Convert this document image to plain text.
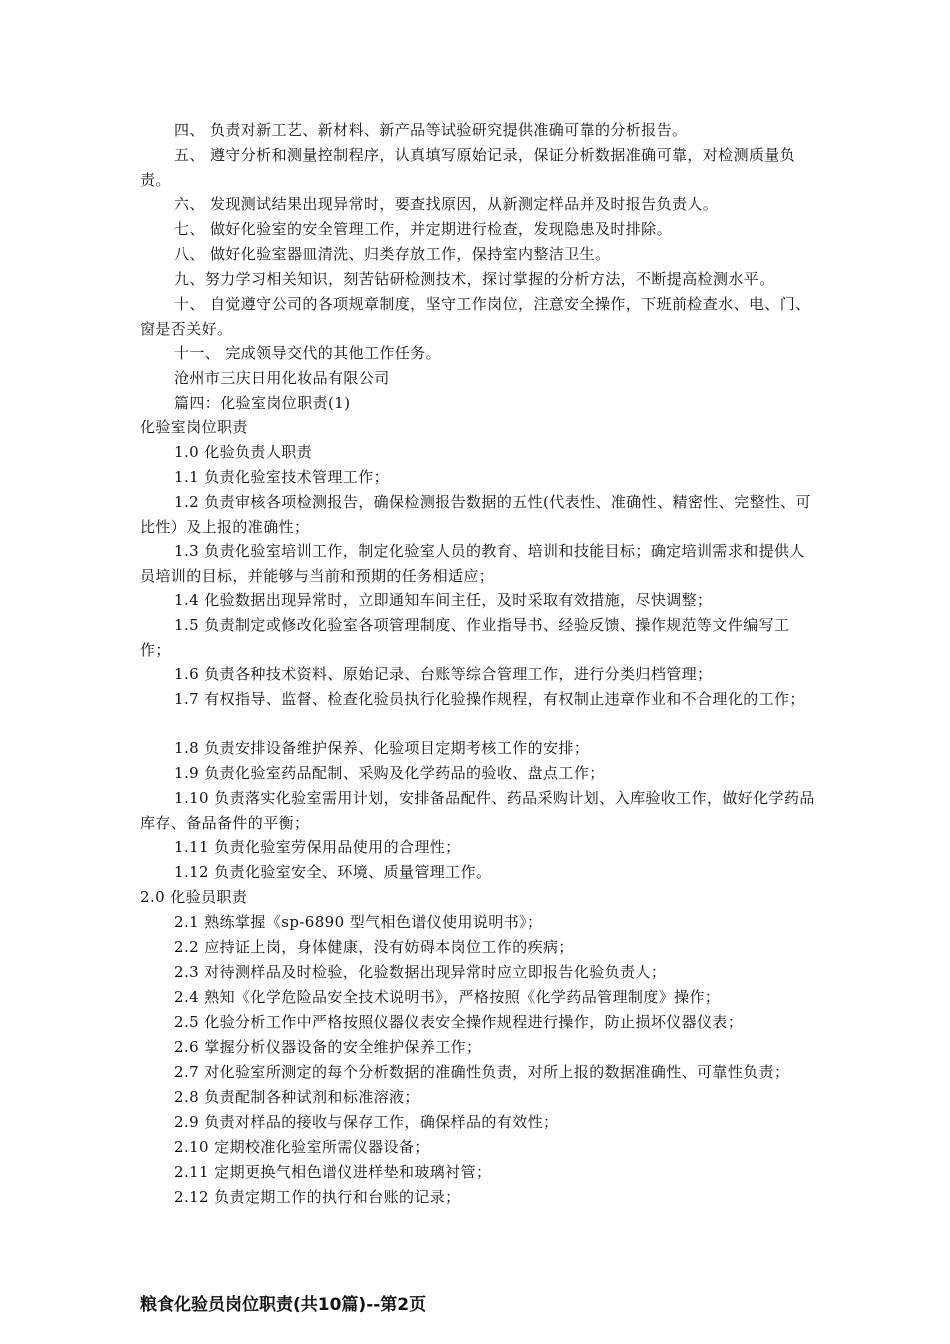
四、 负责对新工艺、新材料、新产品等试验研究提供准确可靠的分析报告。
五、 遵守分析和测量控制程序，认真填写原始记录，保证分析数据准确可靠，对检测质量负责。
六、 发现测试结果出现异常时，要查找原因，从新测定样品并及时报告负责人。
七、 做好化验室的安全管理工作，并定期进行检查，发现隐患及时排除。
八、 做好化验室器皿清洗、归类存放工作，保持室内整洁卫生。
九、努力学习相关知识，刻苦钻研检测技术，探讨掌握的分析方法，不断提高检测水平。
十、 自觉遵守公司的各项规章制度，坚守工作岗位，注意安全操作，下班前检查水、电、门、窗是否关好。
十一、 完成领导交代的其他工作任务。
沧州市三庆日用化妆品有限公司
篇四：化验室岗位职责(1)
化验室岗位职责
1.0 化验负责人职责
1.1 负责化验室技术管理工作；
1.2 负责审核各项检测报告，确保检测报告数据的五性(代表性、准确性、精密性、完整性、可比性）及上报的准确性；
1.3 负责化验室培训工作，制定化验室人员的教育、培训和技能目标；确定培训需求和提供人员培训的目标，并能够与当前和预期的任务相适应；
1.4 化验数据出现异常时，立即通知车间主任，及时采取有效措施，尽快调整；
1.5 负责制定或修改化验室各项管理制度、作业指导书、经验反馈、操作规范等文件编写工作；
1.6 负责各种技术资料、原始记录、台账等综合管理工作，进行分类归档管理；
1.7 有权指导、监督、检查化验员执行化验操作规程，有权制止违章作业和不合理化的工作；
1.8 负责安排设备维护保养、化验项目定期考核工作的安排；
1.9 负责化验室药品配制、采购及化学药品的验收、盘点工作；
1.10 负责落实化验室需用计划，安排备品配件、药品采购计划、入库验收工作，做好化学药品库存、备品备件的平衡；
1.11 负责化验室劳保用品使用的合理性；
1.12 负责化验室安全、环境、质量管理工作。
2.0 化验员职责
2.1 熟练掌握《sp-6890 型气相色谱仪使用说明书》；
2.2 应持证上岗，身体健康，没有妨碍本岗位工作的疾病；
2.3 对待测样品及时检验，化验数据出现异常时应立即报告化验负责人；
2.4 熟知《化学危险品安全技术说明书》，严格按照《化学药品管理制度》操作；
2.5 化验分析工作中严格按照仪器仪表安全操作规程进行操作，防止损坏仪器仪表；
2.6 掌握分析仪器设备的安全维护保养工作；
2.7 对化验室所测定的每个分析数据的准确性负责，对所上报的数据准确性、可靠性负责；
2.8 负责配制各种试剂和标准溶液；
2.9 负责对样品的接收与保存工作，确保样品的有效性；
2.10 定期校准化验室所需仪器设备；
2.11 定期更换气相色谱仪进样垫和玻璃衬管；
2.12 负责定期工作的执行和台账的记录；
粮食化验员岗位职责(共10篇)--第2页
